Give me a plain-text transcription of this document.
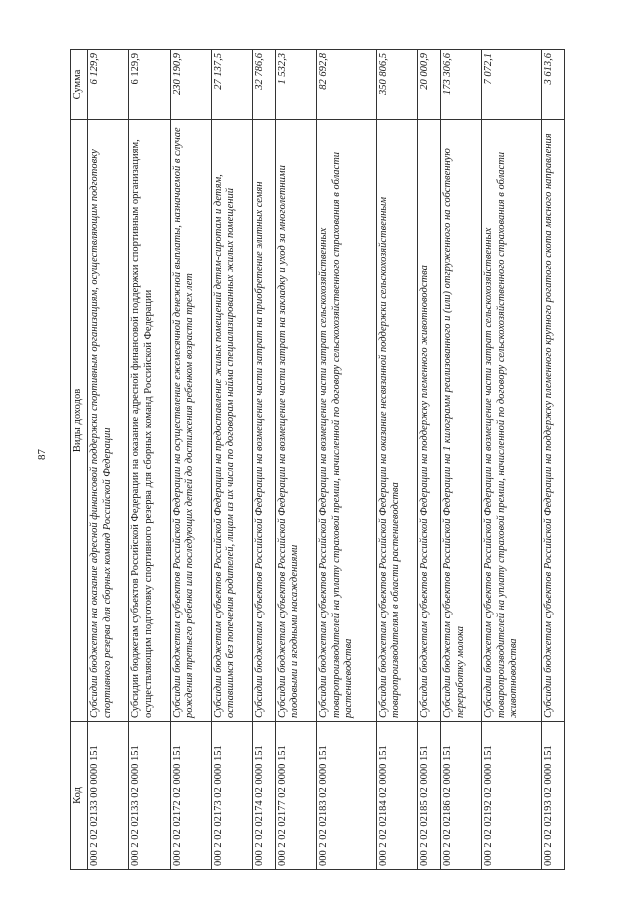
87
Код	Виды доходов	Сумма
000 2 02 02133 00 0000 151	Субсидии бюджетам на оказание адресной финансовой поддержки спортивным организациям, осуществляющим подготовку спортивного резерва для сборных команд Российской Федерации	6 129,9
000 2 02 02133 02 0000 151	Субсидии бюджетам субъектов Российской Федерации на оказание адресной финансовой поддержки спортивным организациям, осуществляющим подготовку спортивного резерва для сборных команд Российской Федерации	6 129,9
000 2 02 02172 02 0000 151	Субсидии бюджетам субъектов Российской Федерации на осуществление ежемесячной денежной выплаты, назначаемой в случае рождения третьего ребенка или последующих детей до достижения ребенком возраста трех лет	230 190,9
000 2 02 02173 02 0000 151	Субсидии бюджетам субъектов Российской Федерации на предоставление жилых помещений детям-сиротам и детям, оставшимся без попечения родителей, лицам из их числа по договорам найма специализированных жилых помещений	27 137,5
000 2 02 02174 02 0000 151	Субсидии бюджетам субъектов Российской Федерации на возмещение части затрат на приобретение элитных семян	32 786,6
000 2 02 02177 02 0000 151	Субсидии бюджетам субъектов Российской Федерации на возмещение части затрат на закладку и уход за многолетними плодовыми и ягодными насаждениями	1 532,3
000 2 02 02183 02 0000 151	Субсидии бюджетам субъектов Российской Федерации на возмещение части затрат сельскохозяйственных товаропроизводителей на уплату страховой премии, начисленной по договору сельскохозяйственного страхования в области растениеводства	82 692,8
000 2 02 02184 02 0000 151	Субсидии бюджетам субъектов Российской Федерации на оказание несвязанной поддержки сельскохозяйственным товаропроизводителям в области растениеводства	350 806,5
000 2 02 02185 02 0000 151	Субсидии бюджетам субъектов Российской Федерации на поддержку племенного животноводства	20 000,9
000 2 02 02186 02 0000 151	Субсидии бюджетам субъектов Российской Федерации на 1 килограмм реализованного и (или) отгруженного на собственную переработку молока	173 306,6
000 2 02 02192 02 0000 151	Субсидии бюджетам субъектов Российской Федерации на возмещение части затрат сельскохозяйственных товаропроизводителей на уплату страховой премии, начисленной по договору сельскохозяйственного страхования в области животноводства	7 072,1
000 2 02 02193 02 0000 151	Субсидии бюджетам субъектов Российской Федерации на поддержку племенного крупного рогатого скота мясного направления	3 613,6
